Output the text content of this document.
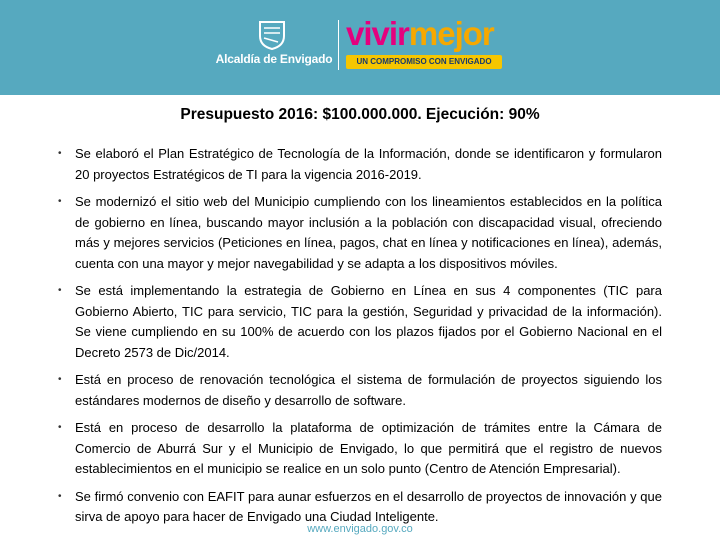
Alcaldía de Envigado
vivirmejor
UN COMPROMISO CON ENVIGADO
Presupuesto 2016: $100.000.000. Ejecución: 90%
• Se elaboró el Plan Estratégico de Tecnología de la Información, donde se identificaron y formularon 20 proyectos Estratégicos de TI para la vigencia 2016-2019.
• Se modernizó el sitio web del Municipio cumpliendo con los lineamientos establecidos en la política de gobierno en línea, buscando mayor inclusión a la población con discapacidad visual, ofreciendo más y mejores servicios (Peticiones en línea, pagos, chat en línea y notificaciones en línea), además, cuenta con una mayor y mejor navegabilidad y se adapta a los dispositivos móviles.
• Se está implementando la estrategia de Gobierno en Línea en sus 4 componentes (TIC para Gobierno Abierto, TIC para servicio, TIC para la gestión, Seguridad y privacidad de la información). Se viene cumpliendo en su 100% de acuerdo con los plazos fijados por el Gobierno Nacional en el Decreto 2573 de Dic/2014.
• Está en proceso de renovación tecnológica el sistema de formulación de proyectos siguiendo los estándares modernos de diseño y desarrollo de software.
• Está en proceso de desarrollo la plataforma de optimización de trámites entre la Cámara de Comercio de Aburrá Sur y el Municipio de Envigado, lo que permitirá que el registro de nuevos establecimientos en el municipio se realice en un solo punto (Centro de Atención Empresarial).
• Se firmó convenio con EAFIT para aunar esfuerzos en el desarrollo de proyectos de innovación y que sirva de apoyo para hacer de Envigado una Ciudad Inteligente.
www.envigado.gov.co
